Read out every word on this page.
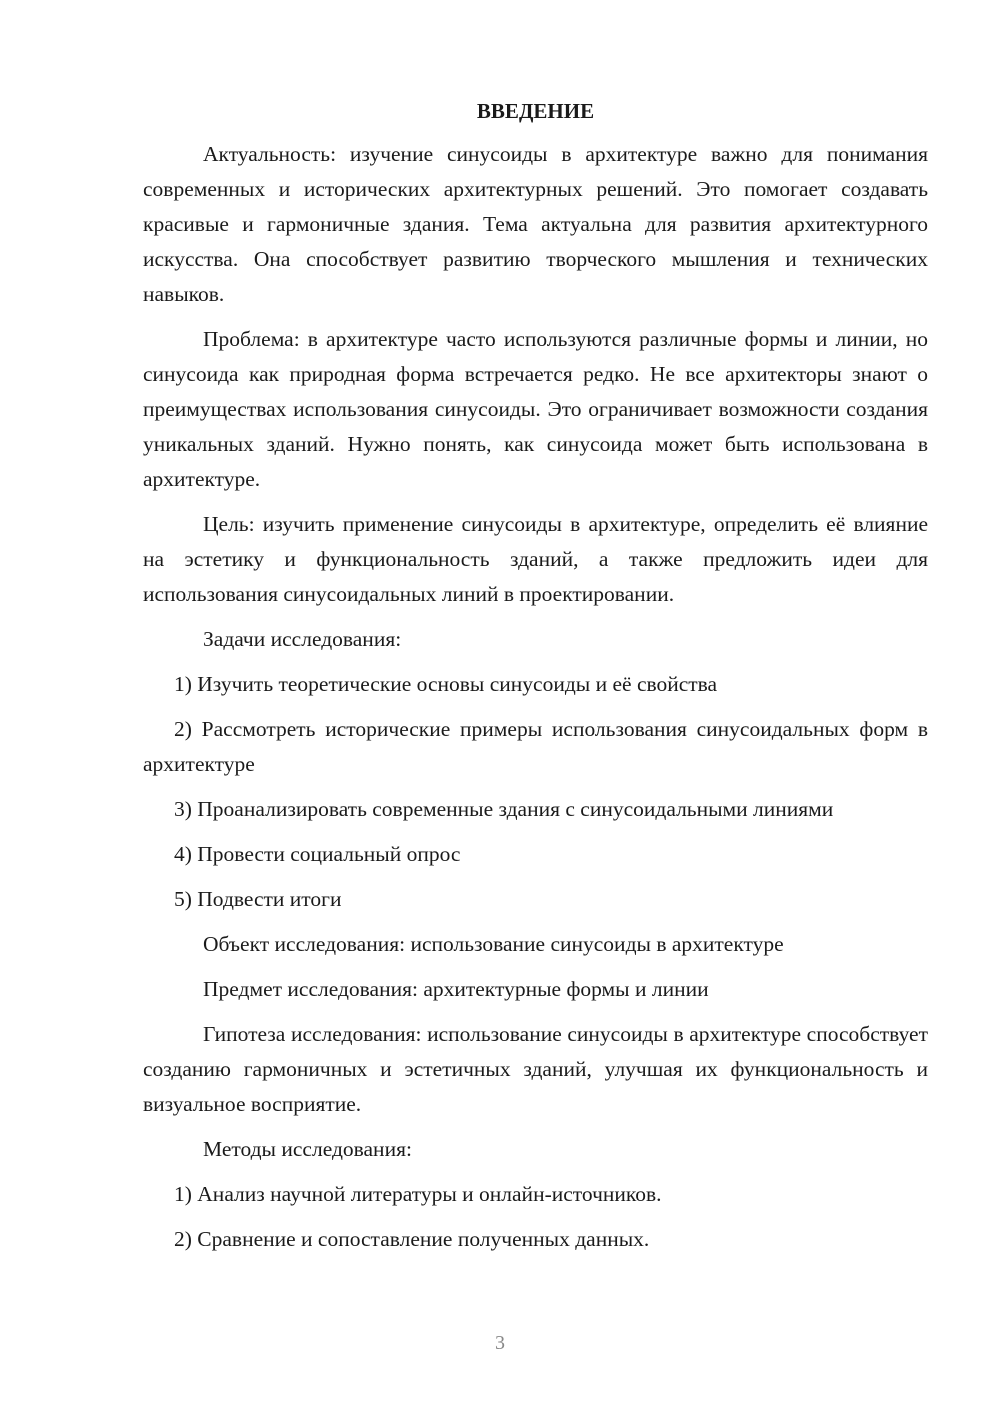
ВВЕДЕНИЕ

Актуальность: изучение синусоиды в архитектуре важно для понимания современных и исторических архитектурных решений. Это помогает создавать красивые и гармоничные здания. Тема актуальна для развития архитектурного искусства. Она способствует развитию творческого мышления и технических навыков.

Проблема: в архитектуре часто используются различные формы и линии, но синусоида как природная форма встречается редко. Не все архитекторы знают о преимуществах использования синусоиды. Это ограничивает возможности создания уникальных зданий. Нужно понять, как синусоида может быть использована в архитектуре.

Цель: изучить применение синусоиды в архитектуре, определить её влияние на эстетику и функциональность зданий, а также предложить идеи для использования синусоидальных линий в проектировании.

Задачи исследования:

1) Изучить теоретические основы синусоиды и её свойства

2) Рассмотреть исторические примеры использования синусоидальных форм в архитектуре

3) Проанализировать современные здания с синусоидальными линиями

4) Провести социальный опрос

5) Подвести итоги

Объект исследования: использование синусоиды в архитектуре

Предмет исследования: архитектурные формы и линии

Гипотеза исследования: использование синусоиды в архитектуре способствует созданию гармоничных и эстетичных зданий, улучшая их функциональность и визуальное восприятие.

Методы исследования:

1) Анализ научной литературы и онлайн-источников.

2) Сравнение и сопоставление полученных данных.

3
